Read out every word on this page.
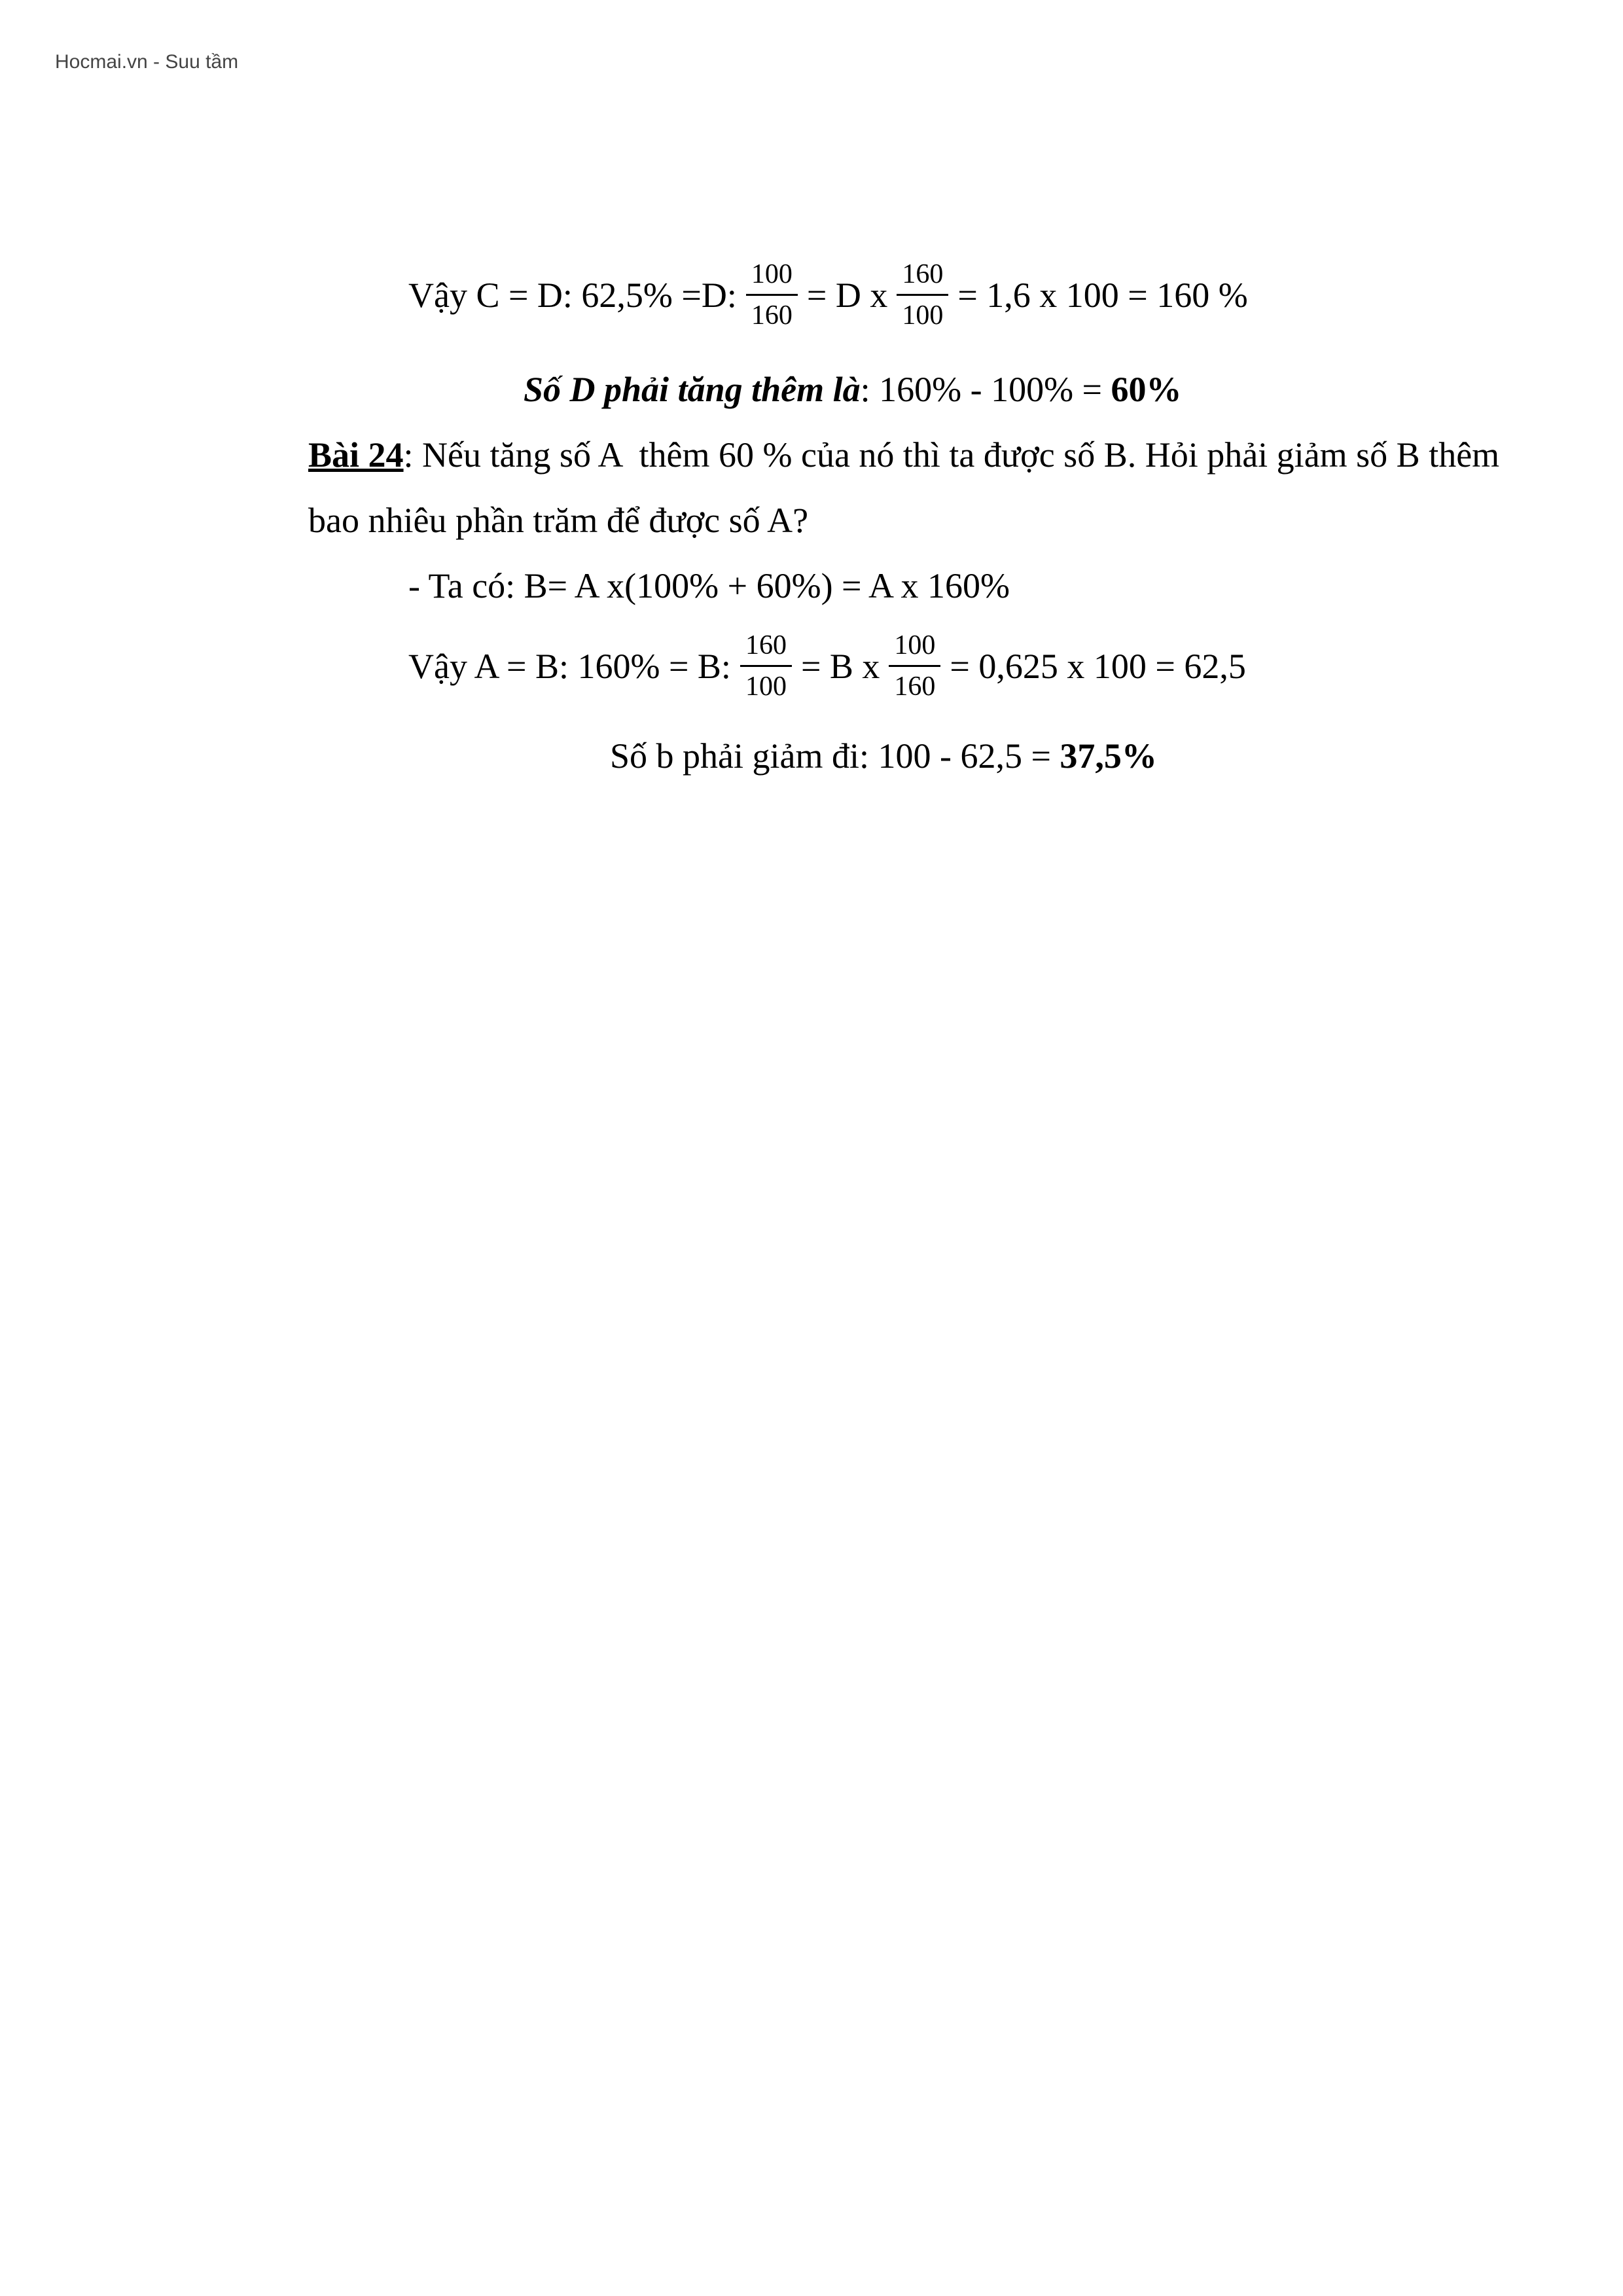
Hocmai.vn - Suu tầm
Vậy C = D: 62,5% =D: $\frac{100}{160} = D$ x $\frac{160}{100} = 1,6$ x 100 = 160 %
Số D phải tăng thêm là : 160% - 100% = 60%
Bài 24 : Nếu tăng số A  thêm 60 % của nó thì ta được số B. Hỏi phải giảm số B thêm
bao nhiêu phần trăm để được số A?
- Ta có: B= A x(100% + 60%) = A x 160%
Vậy A = B: 160% = B: $\frac{160}{100} = B$ x $\frac{100}{160} = 0,625$ x 100 = 62,5
Số b phải giảm đi: 100 - 62,5 = 37,5%
